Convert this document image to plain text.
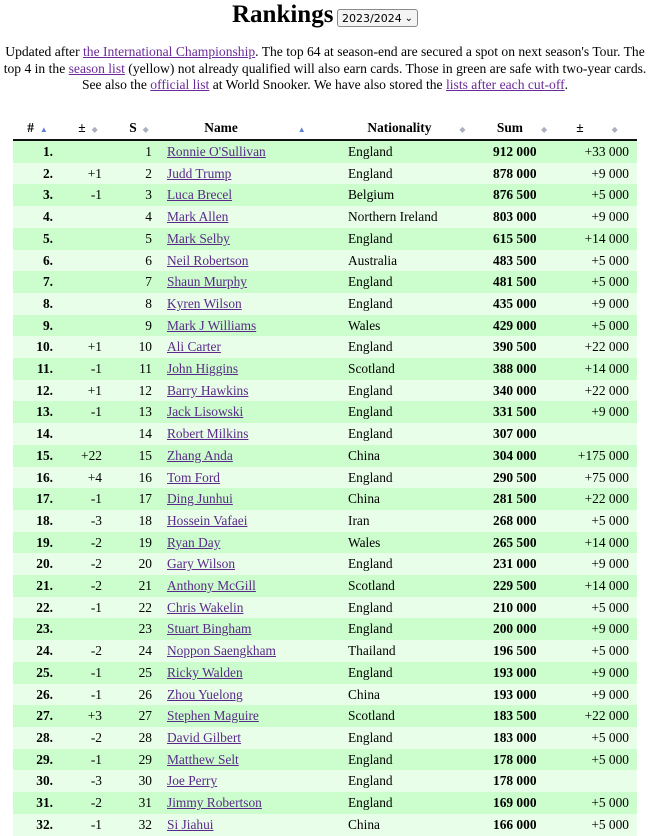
Rankings 2023/2024 ⌄
Updated after the International Championship. The top 64 at season-end are secured a spot on next season's Tour. The top 4 in the season list (yellow) not already qualified will also earn cards. Those in green are safe with two-year cards. See also the official list at World Snooker. We have also stored the lists after each cut-off.
# ▲	± ◆	S ◆	Name ▲	Nationality ◆	Sum ◆	± ◆
1.		1	Ronnie O'Sullivan	England	912 000	+33 000
2.	+1	2	Judd Trump	England	878 000	+9 000
3.	-1	3	Luca Brecel	Belgium	876 500	+5 000
4.		4	Mark Allen	Northern Ireland	803 000	+9 000
5.		5	Mark Selby	England	615 500	+14 000
6.		6	Neil Robertson	Australia	483 500	+5 000
7.		7	Shaun Murphy	England	481 500	+5 000
8.		8	Kyren Wilson	England	435 000	+9 000
9.		9	Mark J Williams	Wales	429 000	+5 000
10.	+1	10	Ali Carter	England	390 500	+22 000
11.	-1	11	John Higgins	Scotland	388 000	+14 000
12.	+1	12	Barry Hawkins	England	340 000	+22 000
13.	-1	13	Jack Lisowski	England	331 500	+9 000
14.		14	Robert Milkins	England	307 000	
15.	+22	15	Zhang Anda	China	304 000	+175 000
16.	+4	16	Tom Ford	England	290 500	+75 000
17.	-1	17	Ding Junhui	China	281 500	+22 000
18.	-3	18	Hossein Vafaei	Iran	268 000	+5 000
19.	-2	19	Ryan Day	Wales	265 500	+14 000
20.	-2	20	Gary Wilson	England	231 000	+9 000
21.	-2	21	Anthony McGill	Scotland	229 500	+14 000
22.	-1	22	Chris Wakelin	England	210 000	+5 000
23.		23	Stuart Bingham	England	200 000	+9 000
24.	-2	24	Noppon Saengkham	Thailand	196 500	+5 000
25.	-1	25	Ricky Walden	England	193 000	+9 000
26.	-1	26	Zhou Yuelong	China	193 000	+9 000
27.	+3	27	Stephen Maguire	Scotland	183 500	+22 000
28.	-2	28	David Gilbert	England	183 000	+5 000
29.	-1	29	Matthew Selt	England	178 000	+5 000
30.	-3	30	Joe Perry	England	178 000	
31.	-2	31	Jimmy Robertson	England	169 000	+5 000
32.	-1	32	Si Jiahui	China	166 000	+5 000
